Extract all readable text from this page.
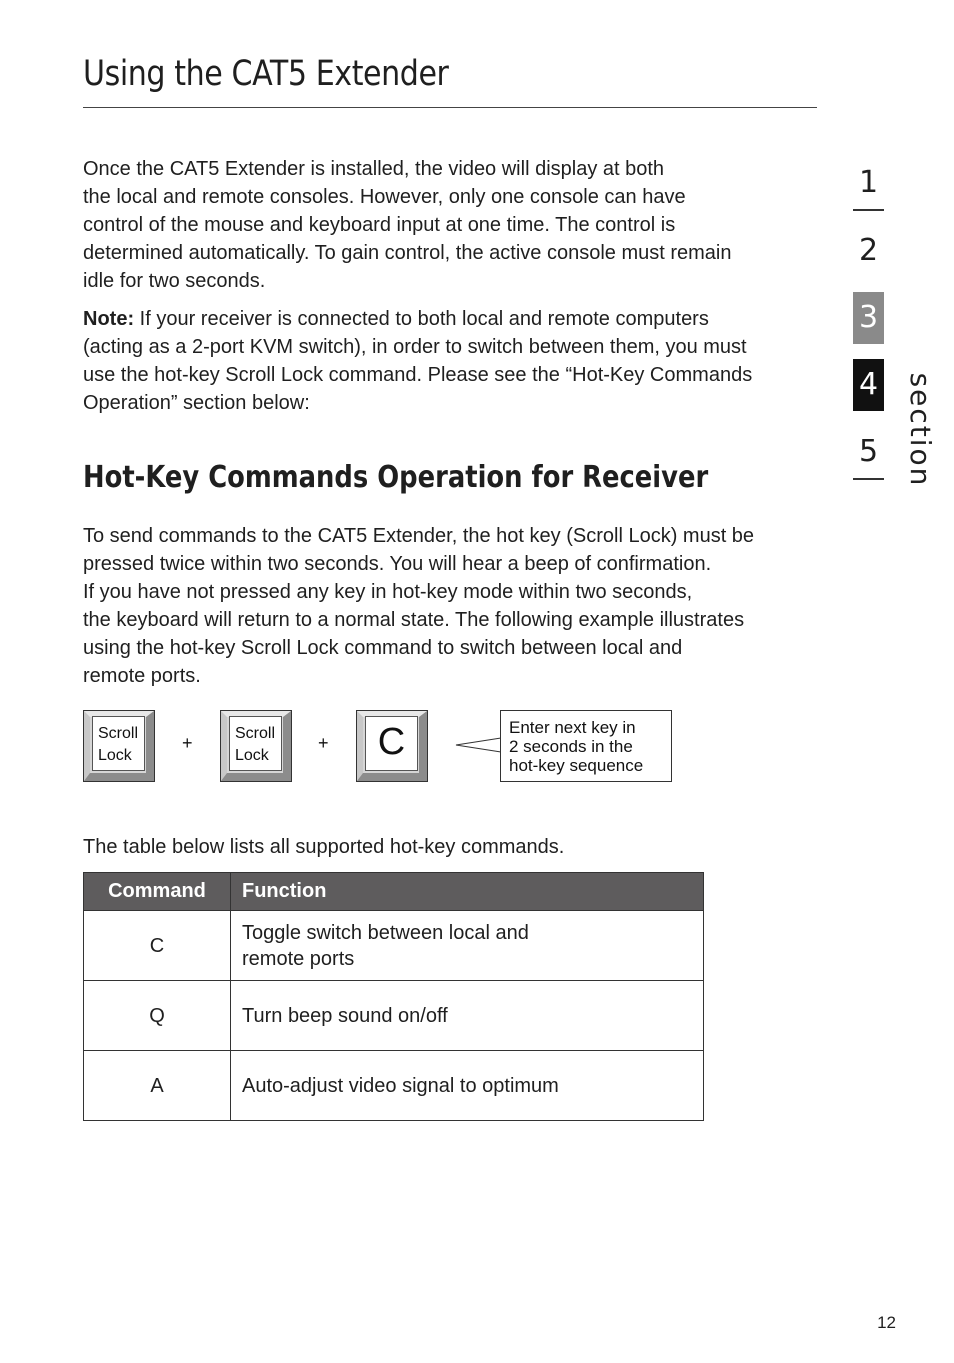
Using the CAT5 Extender

Once the CAT5 Extender is installed, the video will display at both
the local and remote consoles. However, only one console can have
control of the mouse and keyboard input at one time. The control is
determined automatically. To gain control, the active console must remain
idle for two seconds.

Note: If your receiver is connected to both local and remote computers
(acting as a 2-port KVM switch), in order to switch between them, you must
use the hot-key Scroll Lock command. Please see the “Hot-Key Commands
Operation” section below:

Hot-Key Commands Operation for Receiver

To send commands to the CAT5 Extender, the hot key (Scroll Lock) must be
pressed twice within two seconds. You will hear a beep of confirmation.
If you have not pressed any key in hot-key mode within two seconds,
the keyboard will return to a normal state. The following example illustrates
using the hot-key Scroll Lock command to switch between local and
remote ports.

Scroll
Lock
+	Scroll
Lock
+	C	Enter next key in
2 seconds in the
hot-key sequence

The table below lists all supported hot-key commands.

Command	Function
C	Toggle switch between local and
remote ports
Q	Turn beep sound on/off
A	Auto-adjust video signal to optimum
1
2
3
4
5 section
12
